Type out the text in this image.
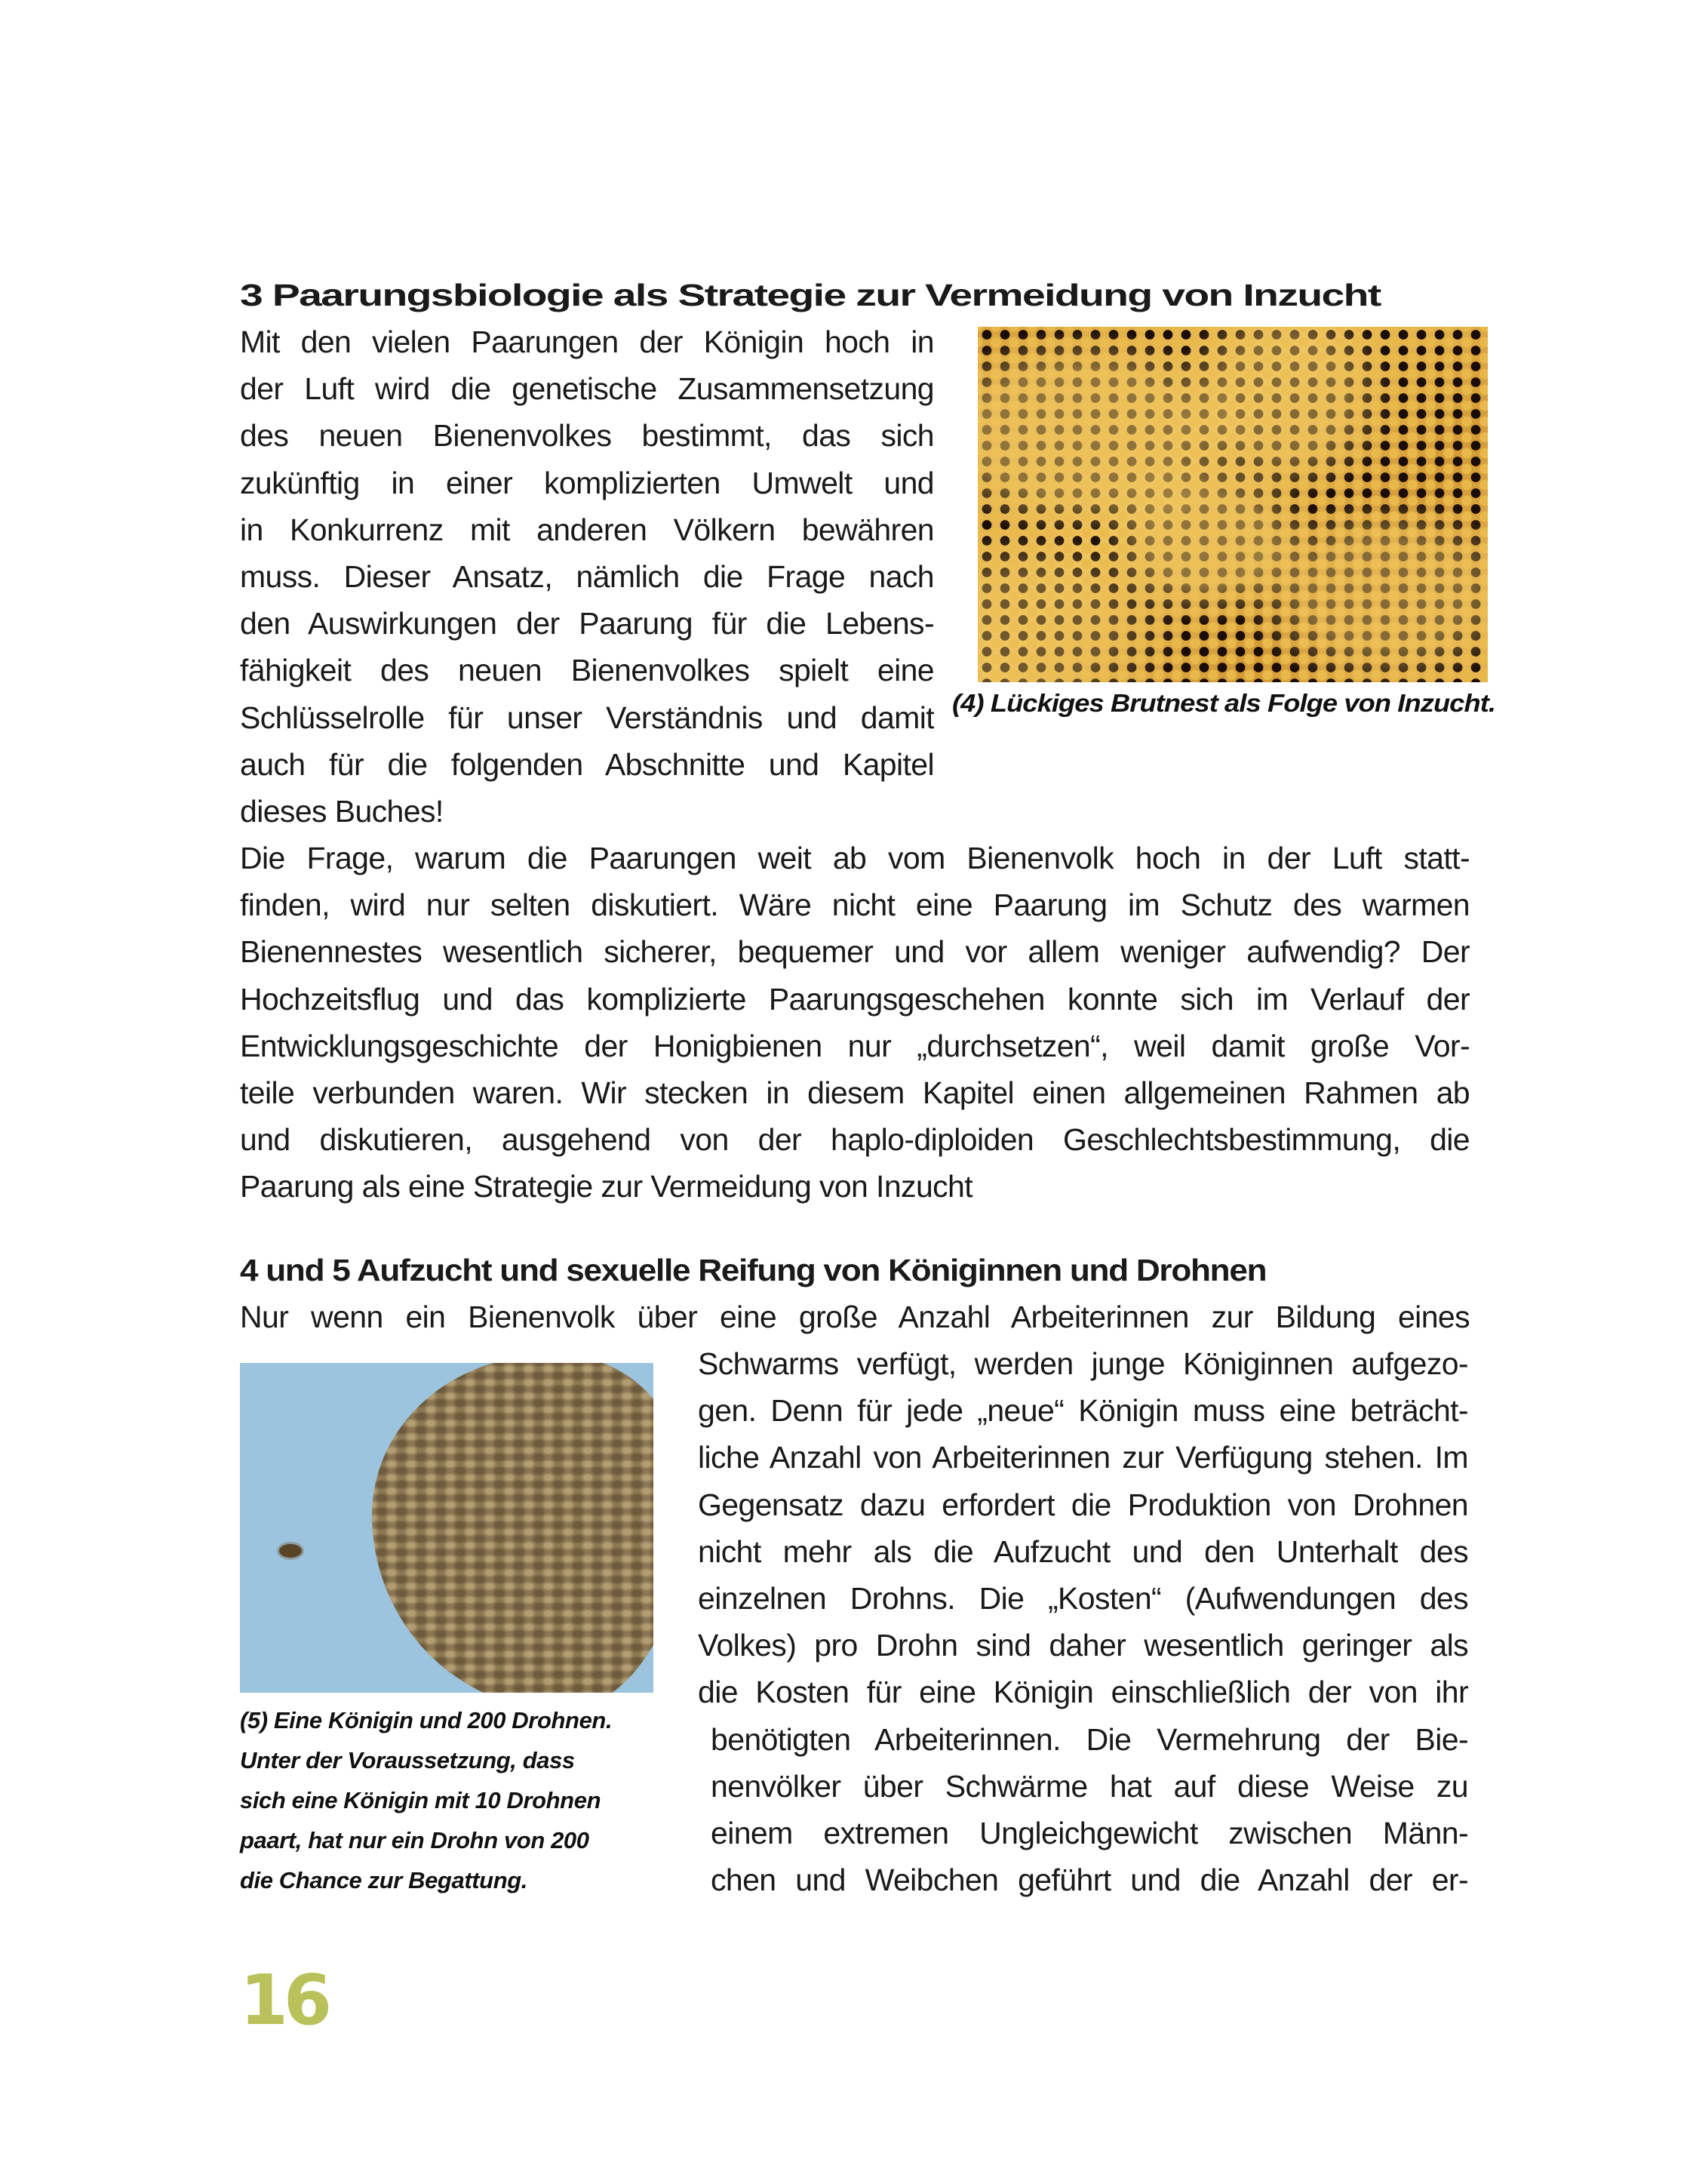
3 Paarungsbiologie als Strategie zur Vermeidung von Inzucht
Mit den vielen Paarungen der Königin hoch in
der Luft wird die genetische Zusammensetzung
des neuen Bienenvolkes bestimmt, das sich
zukünftig in einer komplizierten Umwelt und
in Konkurrenz mit anderen Völkern bewähren
muss. Dieser Ansatz, nämlich die Frage nach
den Auswirkungen der Paarung für die Lebens-
fähigkeit des neuen Bienenvolkes spielt eine
Schlüsselrolle für unser Verständnis und damit
auch für die folgenden Abschnitte und Kapitel
dieses Buches!
Die Frage, warum die Paarungen weit ab vom Bienenvolk hoch in der Luft statt-
finden, wird nur selten diskutiert. Wäre nicht eine Paarung im Schutz des warmen
Bienennestes wesentlich sicherer, bequemer und vor allem weniger aufwendig? Der
Hochzeitsflug und das komplizierte Paarungsgeschehen konnte sich im Verlauf der
Entwicklungsgeschichte der Honigbienen nur „durchsetzen“, weil damit große Vor-
teile verbunden waren. Wir stecken in diesem Kapitel einen allgemeinen Rahmen ab
und diskutieren, ausgehend von der haplo-diploiden Geschlechtsbestimmung, die
Paarung als eine Strategie zur Vermeidung von Inzucht
(4) Lückiges Brutnest als Folge von Inzucht.
4 und 5 Aufzucht und sexuelle Reifung von Königinnen und Drohnen
Nur wenn ein Bienenvolk über eine große Anzahl Arbeiterinnen zur Bildung eines
(5) Eine Königin und 200 Drohnen.
Unter der Voraussetzung, dass
sich eine Königin mit 10 Drohnen
paart, hat nur ein Drohn von 200
die Chance zur Begattung.
Schwarms verfügt, werden junge Königinnen aufgezo-
gen. Denn für jede „neue“ Königin muss eine beträcht-
liche Anzahl von Arbeiterinnen zur Verfügung stehen. Im
Gegensatz dazu erfordert die Produktion von Drohnen
nicht mehr als die Aufzucht und den Unterhalt des
einzelnen Drohns. Die „Kosten“ (Aufwendungen des
Volkes) pro Drohn sind daher wesentlich geringer als
die Kosten für eine Königin einschließlich der von ihr
benötigten Arbeiterinnen. Die Vermehrung der Bie-
nenvölker über Schwärme hat auf diese Weise zu
einem extremen Ungleichgewicht zwischen Männ-
chen und Weibchen geführt und die Anzahl der er-
16
